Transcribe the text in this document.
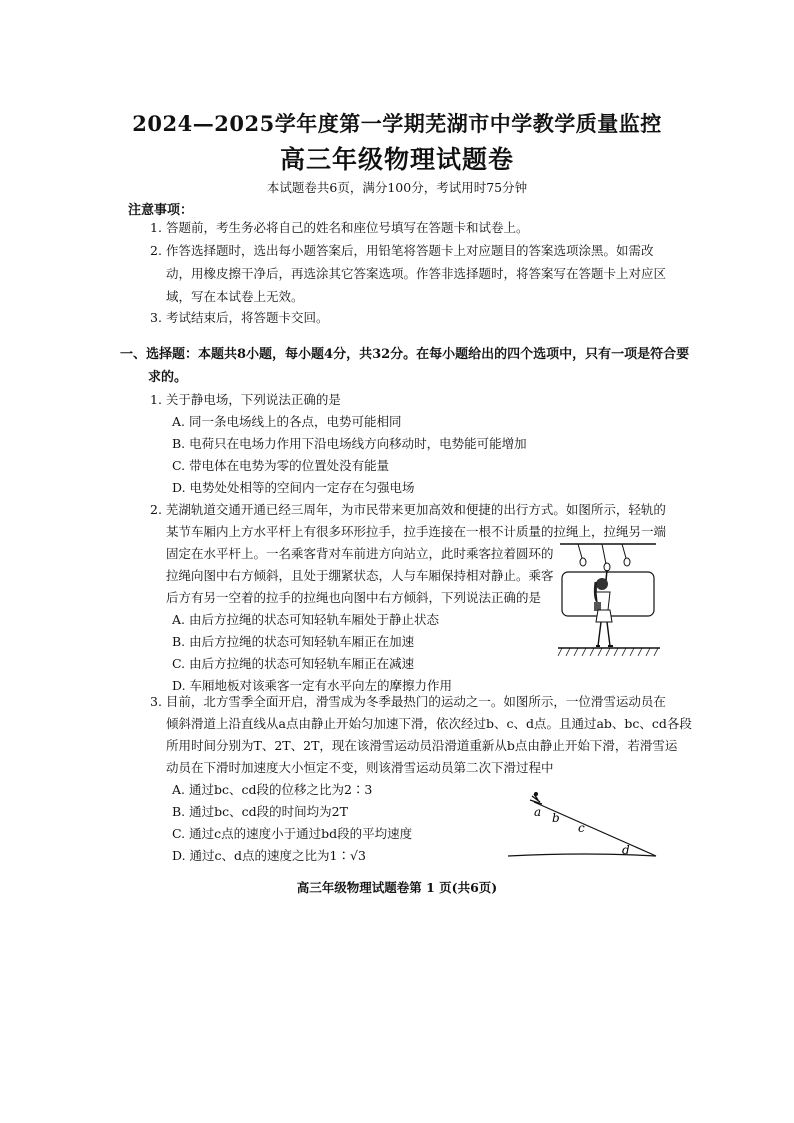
2024—2025学年度第一学期芜湖市中学教学质量监控
高三年级物理试题卷
本试题卷共6页，满分100分，考试用时75分钟
注意事项：
1. 答题前，考生务必将自己的姓名和座位号填写在答题卡和试卷上。
2. 作答选择题时，选出每小题答案后，用铅笔将答题卡上对应题目的答案选项涂黑。如需改
动，用橡皮擦干净后，再选涂其它答案选项。作答非选择题时，将答案写在答题卡上对应区
域，写在本试卷上无效。
3. 考试结束后，将答题卡交回。
一、选择题：本题共8小题，每小题4分，共32分。在每小题给出的四个选项中，只有一项是符合要
求的。
1. 关于静电场，下列说法正确的是
A. 同一条电场线上的各点，电势可能相同
B. 电荷只在电场力作用下沿电场线方向移动时，电势能可能增加
C. 带电体在电势为零的位置处没有能量
D. 电势处处相等的空间内一定存在匀强电场
2. 芜湖轨道交通开通已经三周年，为市民带来更加高效和便捷的出行方式。如图所示，轻轨的
某节车厢内上方水平杆上有很多环形拉手，拉手连接在一根不计质量的拉绳上，拉绳另一端
固定在水平杆上。一名乘客背对车前进方向站立，此时乘客拉着圆环的
拉绳向图中右方倾斜，且处于绷紧状态，人与车厢保持相对静止。乘客
后方有另一空着的拉手的拉绳也向图中右方倾斜，下列说法正确的是
A. 由后方拉绳的状态可知轻轨车厢处于静止状态
B. 由后方拉绳的状态可知轻轨车厢正在加速
C. 由后方拉绳的状态可知轻轨车厢正在减速
D. 车厢地板对该乘客一定有水平向左的摩擦力作用
3. 目前，北方雪季全面开启，滑雪成为冬季最热门的运动之一。如图所示，一位滑雪运动员在
倾斜滑道上沿直线从a点由静止开始匀加速下滑，依次经过b、c、d点。且通过ab、bc、cd各段
所用时间分别为T、2T、2T，现在该滑雪运动员沿滑道重新从b点由静止开始下滑，若滑雪运
动员在下滑时加速度大小恒定不变，则该滑雪运动员第二次下滑过程中
A. 通过bc、cd段的位移之比为2∶3
B. 通过bc、cd段的时间均为2T
C. 通过c点的速度小于通过bd段的平均速度
D. 通过c、d点的速度之比为1∶√3
a b
c
d
高三年级物理试题卷第 1 页(共6页)
